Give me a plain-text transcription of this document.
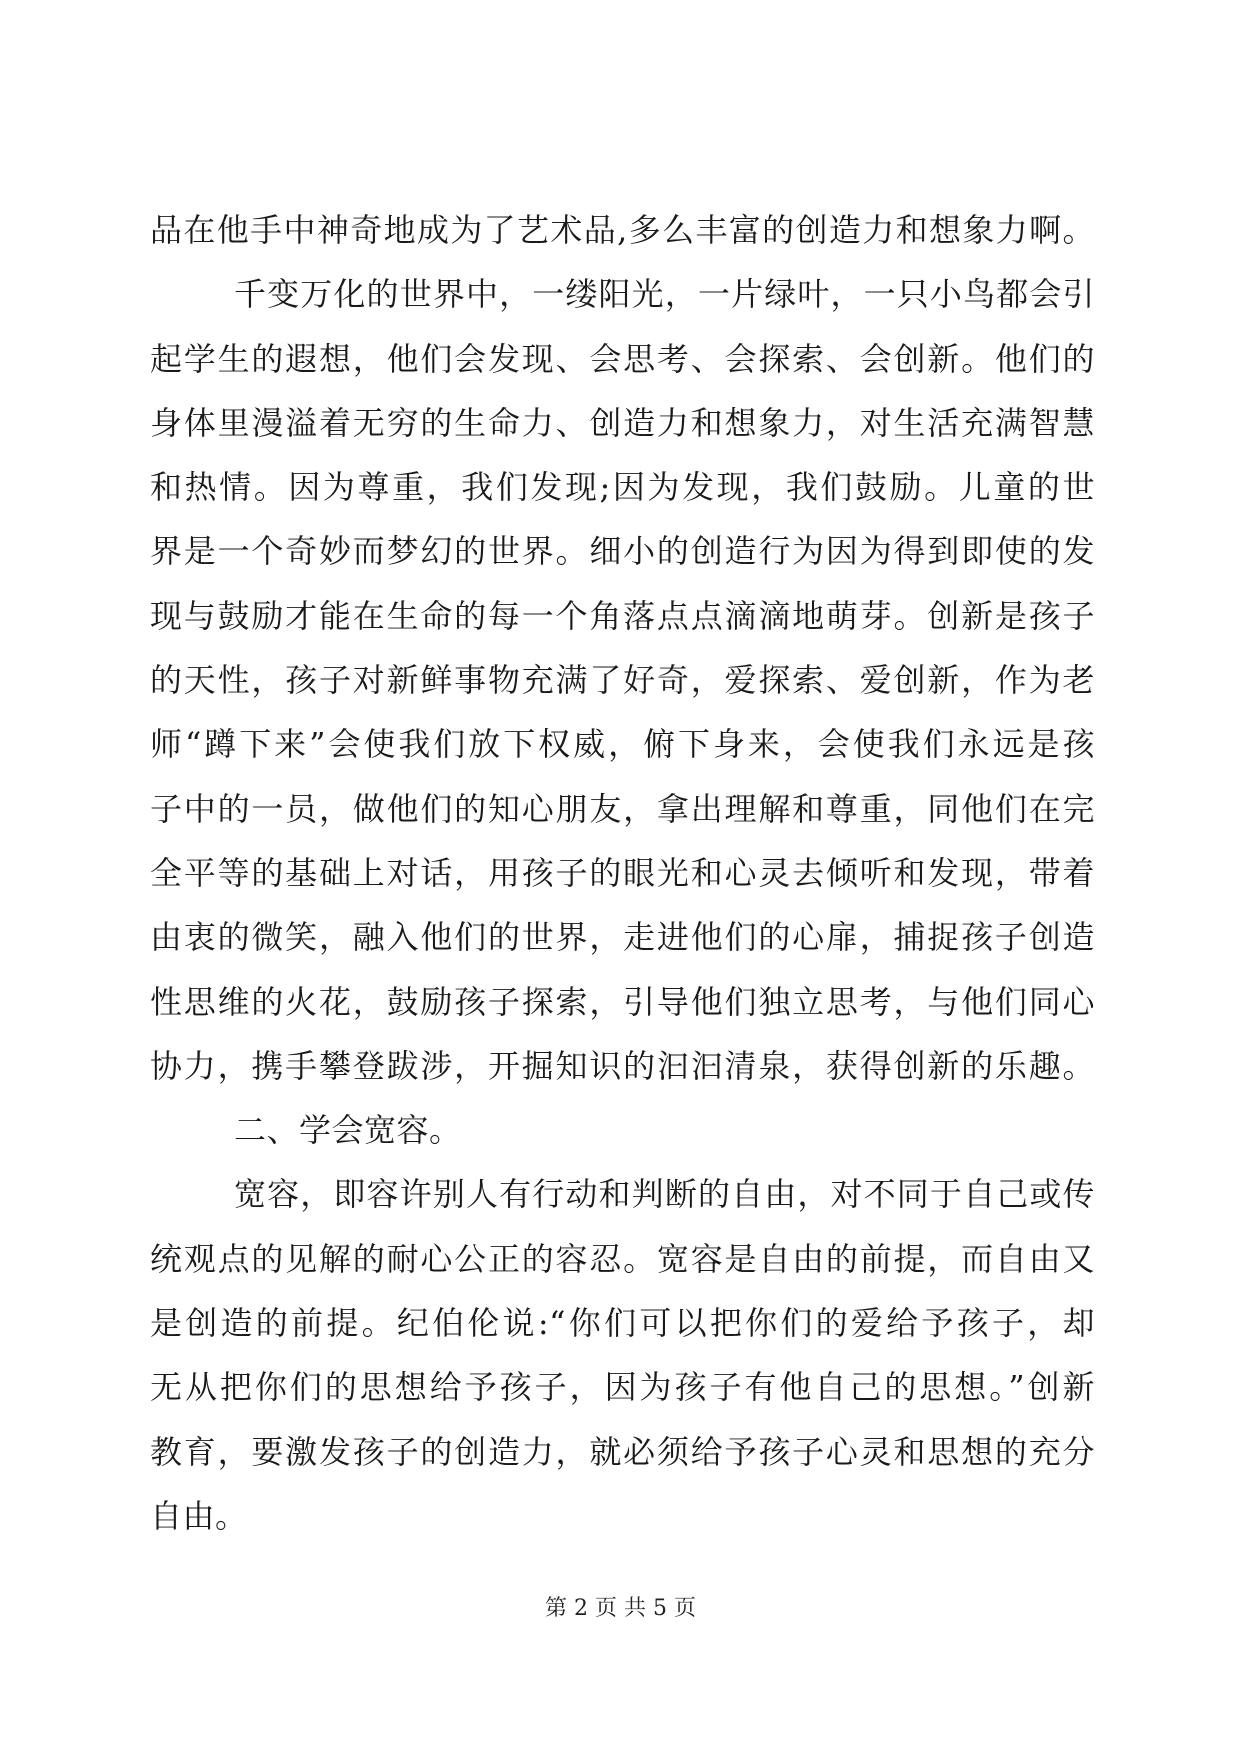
品在他手中神奇地成为了艺术品,多么丰富的创造力和想象力啊。
千变万化的世界中，一缕阳光，一片绿叶，一只小鸟都会引
起学生的遐想，他们会发现、会思考、会探索、会创新。他们的
身体里漫溢着无穷的生命力、创造力和想象力，对生活充满智慧
和热情。因为尊重，我们发现;因为发现，我们鼓励。儿童的世
界是一个奇妙而梦幻的世界。细小的创造行为因为得到即使的发
现与鼓励才能在生命的每一个角落点点滴滴地萌芽。创新是孩子
的天性，孩子对新鲜事物充满了好奇，爱探索、爱创新，作为老
师“蹲下来”会使我们放下权威，俯下身来，会使我们永远是孩
子中的一员，做他们的知心朋友，拿出理解和尊重，同他们在完
全平等的基础上对话，用孩子的眼光和心灵去倾听和发现，带着
由衷的微笑，融入他们的世界，走进他们的心扉，捕捉孩子创造
性思维的火花，鼓励孩子探索，引导他们独立思考，与他们同心
协力，携手攀登跋涉，开掘知识的汩汩清泉，获得创新的乐趣。
二、学会宽容。
宽容，即容许别人有行动和判断的自由，对不同于自己或传
统观点的见解的耐心公正的容忍。宽容是自由的前提，而自由又
是创造的前提。纪伯伦说:“你们可以把你们的爱给予孩子，却
无从把你们的思想给予孩子，因为孩子有他自己的思想。”创新
教育，要激发孩子的创造力，就必须给予孩子心灵和思想的充分
自由。
第 2 页 共 5 页
